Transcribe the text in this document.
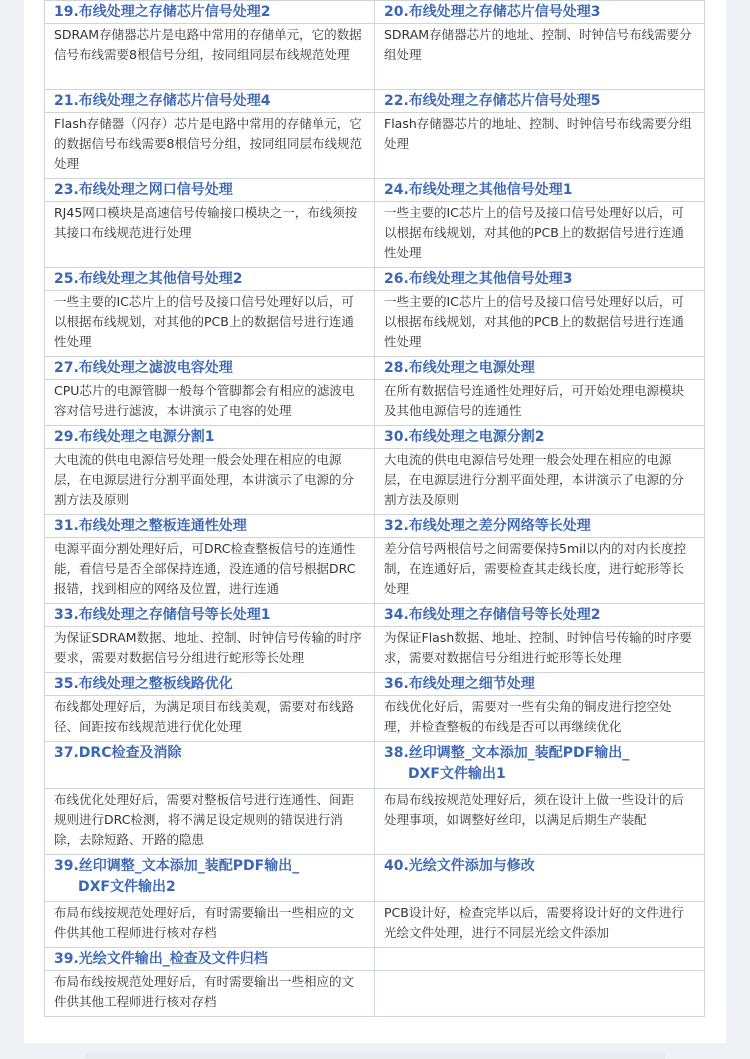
19.布线处理之存储芯片信号处理2	20.布线处理之存储芯片信号处理3

SDRAM存储器芯片是电路中常用的存储单元，它的数据信号布线需要8根信号分组，按同组同层布线规范处理	SDRAM存储器芯片的地址、控制、时钟信号布线需要分组处理

21.布线处理之存储芯片信号处理4	22.布线处理之存储芯片信号处理5

Flash存储器（闪存）芯片是电路中常用的存储单元，它的数据信号布线需要8根信号分组，按同组同层布线规范处理	Flash存储器芯片的地址、控制、时钟信号布线需要分组处理

23.布线处理之网口信号处理	24.布线处理之其他信号处理1

RJ45网口模块是高速信号传输接口模块之一，布线须按其接口布线规范进行处理	一些主要的IC芯片上的信号及接口信号处理好以后，可以根据布线规划，对其他的PCB上的数据信号进行连通性处理

25.布线处理之其他信号处理2	26.布线处理之其他信号处理3

一些主要的IC芯片上的信号及接口信号处理好以后，可以根据布线规划，对其他的PCB上的数据信号进行连通性处理	一些主要的IC芯片上的信号及接口信号处理好以后，可以根据布线规划，对其他的PCB上的数据信号进行连通性处理

27.布线处理之滤波电容处理	28.布线处理之电源处理

CPU芯片的电源管脚一般每个管脚都会有相应的滤波电容对信号进行滤波，本讲演示了电容的处理	在所有数据信号连通性处理好后，可开始处理电源模块及其他电源信号的连通性

29.布线处理之电源分割1	30.布线处理之电源分割2

大电流的供电电源信号处理一般会处理在相应的电源层，在电源层进行分割平面处理，本讲演示了电源的分割方法及原则	大电流的供电电源信号处理一般会处理在相应的电源层，在电源层进行分割平面处理，本讲演示了电源的分割方法及原则

31.布线处理之整板连通性处理	32.布线处理之差分网络等长处理

电源平面分割处理好后，可DRC检查整板信号的连通性能，看信号是否全部保持连通，没连通的信号根据DRC报错，找到相应的网络及位置，进行连通	差分信号两根信号之间需要保持5mil以内的对内长度控制，在连通好后，需要检查其走线长度，进行蛇形等长处理

33.布线处理之存储信号等长处理1	34.布线处理之存储信号等长处理2

为保证SDRAM数据、地址、控制、时钟信号传输的时序要求，需要对数据信号分组进行蛇形等长处理	为保证Flash数据、地址、控制、时钟信号传输的时序要求，需要对数据信号分组进行蛇形等长处理

35.布线处理之整板线路优化	36.布线处理之细节处理

布线都处理好后，为满足项目布线美观，需要对布线路径、间距按布线规范进行优化处理	布线优化好后，需要对一些有尖角的铜皮进行挖空处理，并检查整板的布线是否可以再继续优化

37.DRC检查及消除	38.丝印调整_文本添加_装配PDF输出_
DXF文件输出1

布线优化处理好后，需要对整板信号进行连通性、间距规则进行DRC检测，将不满足设定规则的错误进行消除，去除短路、开路的隐患	布局布线按规范处理好后，须在设计上做一些设计的后处理事项，如调整好丝印，以满足后期生产装配

39.丝印调整_文本添加_装配PDF输出_
DXF文件输出2	40.光绘文件添加与修改

布局布线按规范处理好后，有时需要输出一些相应的文件供其他工程师进行核对存档	PCB设计好，检查完毕以后，需要将设计好的文件进行光绘文件处理，进行不同层光绘文件添加

39.光绘文件输出_检查及文件归档	

布局布线按规范处理好后，有时需要输出一些相应的文件供其他工程师进行核对存档	
